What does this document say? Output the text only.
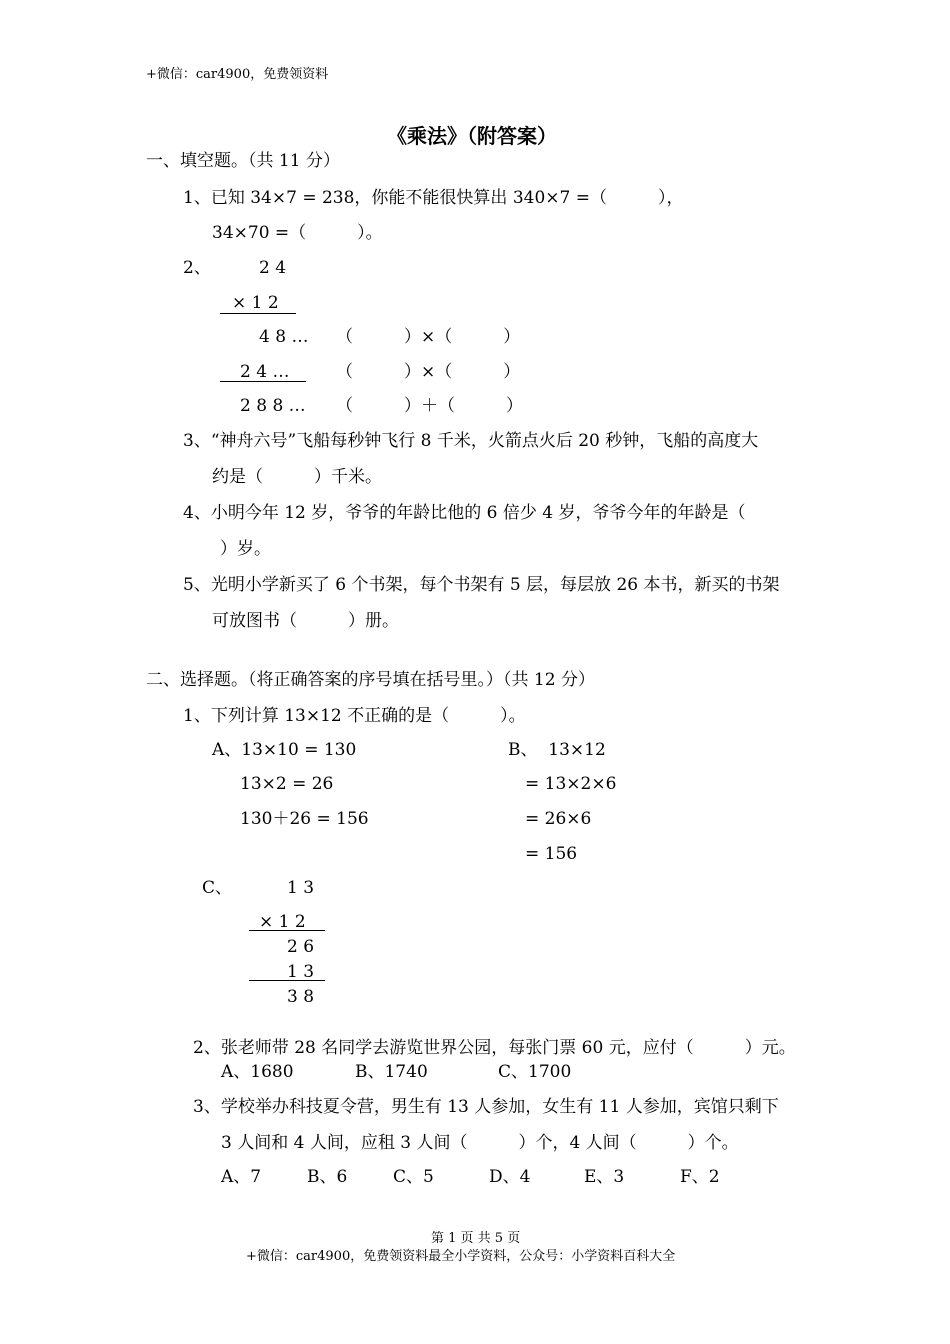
+微信：car4900，免费领资料
《乘法》（附答案）
一、填空题。（共 11 分）
1、已知 34×7 = 238，你能不能很快算出 340×7 =（　　　），
34×70 =（　　　）。
2、	2 4
× 1 2
4 8 … （　　　）×（　　　）
2 4 …	（　　　）×（　　　）
2 8 8 … （　　　）＋（　　　）
3、“神舟六号”飞船每秒钟飞行 8 千米，火箭点火后 20 秒钟，飞船的高度大
约是（　　　）千米。
4、小明今年 12 岁，爷爷的年龄比他的 6 倍少 4 岁，爷爷今年的年龄是（
）岁。
5、光明小学新买了 6 个书架，每个书架有 5 层，每层放 26 本书，新买的书架
可放图书（　　　）册。
二、选择题。（将正确答案的序号填在括号里。）（共 12 分）
1、下列计算 13×12 不正确的是（　　　）。
A、13×10 = 130
13×2 = 26
130＋26 = 156
B、  13×12
= 13×2×6
= 26×6
= 156
C、	1 3
× 1 2
2 6
1 3
3 8
2、张老师带 28 名同学去游览世界公园，每张门票 60 元，应付（　　　）元。
A、1680	B、1740	C、1700
3、学校举办科技夏令营，男生有 13 人参加，女生有 11 人参加，宾馆只剩下
3 人间和 4 人间，应租 3 人间（　　　）个，4 人间（　　　）个。
A、7	B、6	C、5	D、4	E、3	F、2
第 1 页 共 5 页
+微信：car4900，免费领资料最全小学资料，公众号：小学资料百科大全
